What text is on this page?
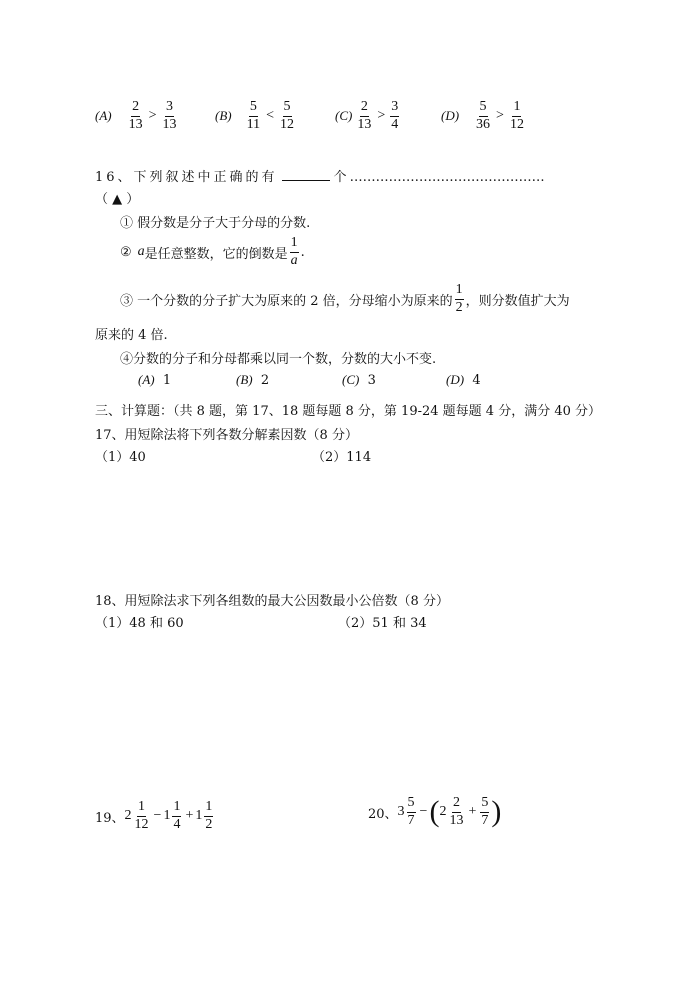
$(A) \frac{2}{13} > \frac{3}{13}$	$(B) \frac{5}{11} < \frac{5}{12}$	$(C) \frac{2}{13} > \frac{3}{4}$	$(D) \frac{5}{36} > \frac{1}{12}$
16、下列叙述中正确的有	个………………………………………
（ ▲ ）
① 假分数是分子大于分母的分数.
② a 是任意整数，它的倒数是 $\frac{1}{a}$ .
③ 一个分数的分子扩大为原来的 2 倍，分母缩小为原来的 $\frac{1}{2}$ ，则分数值扩大为
原来的 4 倍.
④分数的分子和分母都乘以同一个数，分数的大小不变.
(A) 1	(B) 2	(C) 3	(D) 4
三、计算题：（共 8 题，第 17、18 题每题 8 分，第 19-24 题每题 4 分，满分 40 分）
17、用短除法将下列各数分解素因数（8 分）
（1）40	（2）114
18、用短除法求下列各组数的最大公因数最小公倍数（8 分）
（1）48 和 60	（2）51 和 34
19、 $2 \frac{1}{12} - 1 \frac{1}{4} + 1 \frac{1}{2}$	20、 $3 \frac{5}{7}$ − ( $2 \frac{2}{13} + \frac{5}{7}$ )
